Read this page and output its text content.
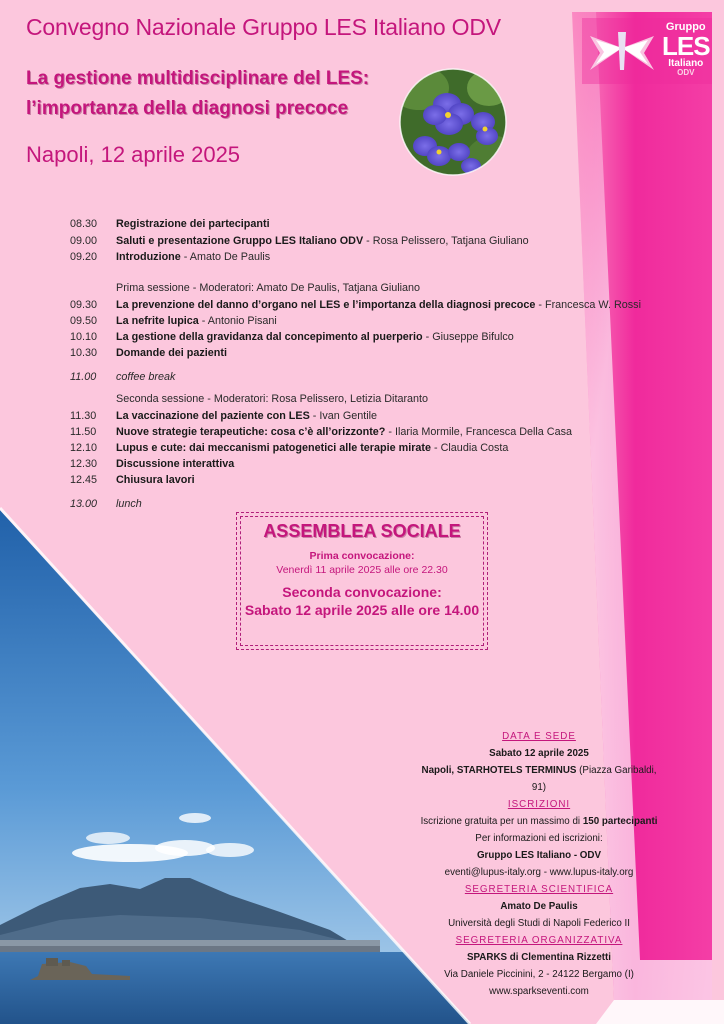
Convegno Nazionale Gruppo LES Italiano ODV
La gestione multidisciplinare del LES:
l’importanza della diagnosi precoce
Napoli, 12 aprile 2025
Gruppo
LES
Italiano
ODV
08.30	Registrazione dei partecipanti
09.00	Saluti e presentazione Gruppo LES Italiano ODV - Rosa Pelissero, Tatjana Giuliano
09.20	Introduzione - Amato De Paulis
Prima sessione - Moderatori: Amato De Paulis, Tatjana Giuliano
09.30	La prevenzione del danno d’organo nel LES e l’importanza della diagnosi precoce - Francesca W. Rossi
09.50	La nefrite lupica - Antonio Pisani
10.10	La gestione della gravidanza dal concepimento al puerperio - Giuseppe Bifulco
10.30	Domande dei pazienti
11.00	coffee break
Seconda sessione - Moderatori: Rosa Pelissero, Letizia Ditaranto
11.30	La vaccinazione del paziente con LES - Ivan Gentile
11.50	Nuove strategie terapeutiche: cosa c’è all’orizzonte? - Ilaria Mormile, Francesca Della Casa
12.10	Lupus e cute: dai meccanismi patogenetici alle terapie mirate - Claudia Costa
12.30	Discussione interattiva
12.45	Chiusura lavori
13.00	lunch
ASSEMBLEA SOCIALE
Prima convocazione:
Venerdì 11 aprile 2025 alle ore 22.30
Seconda convocazione:
Sabato 12 aprile 2025 alle ore 14.00
DATA E SEDE
Sabato 12 aprile 2025
Napoli, STARHOTELS TERMINUS (Piazza Garibaldi, 91)
ISCRIZIONI
Iscrizione gratuita per un massimo di 150 partecipanti
Per informazioni ed iscrizioni:
Gruppo LES Italiano - ODV
eventi@lupus-italy.org - www.lupus-italy.org
SEGRETERIA SCIENTIFICA
Amato De Paulis
Università degli Studi di Napoli Federico II
SEGRETERIA ORGANIZZATIVA
SPARKS di Clementina Rizzetti
Via Daniele Piccinini, 2 - 24122 Bergamo (I)
www.sparkseventi.com
